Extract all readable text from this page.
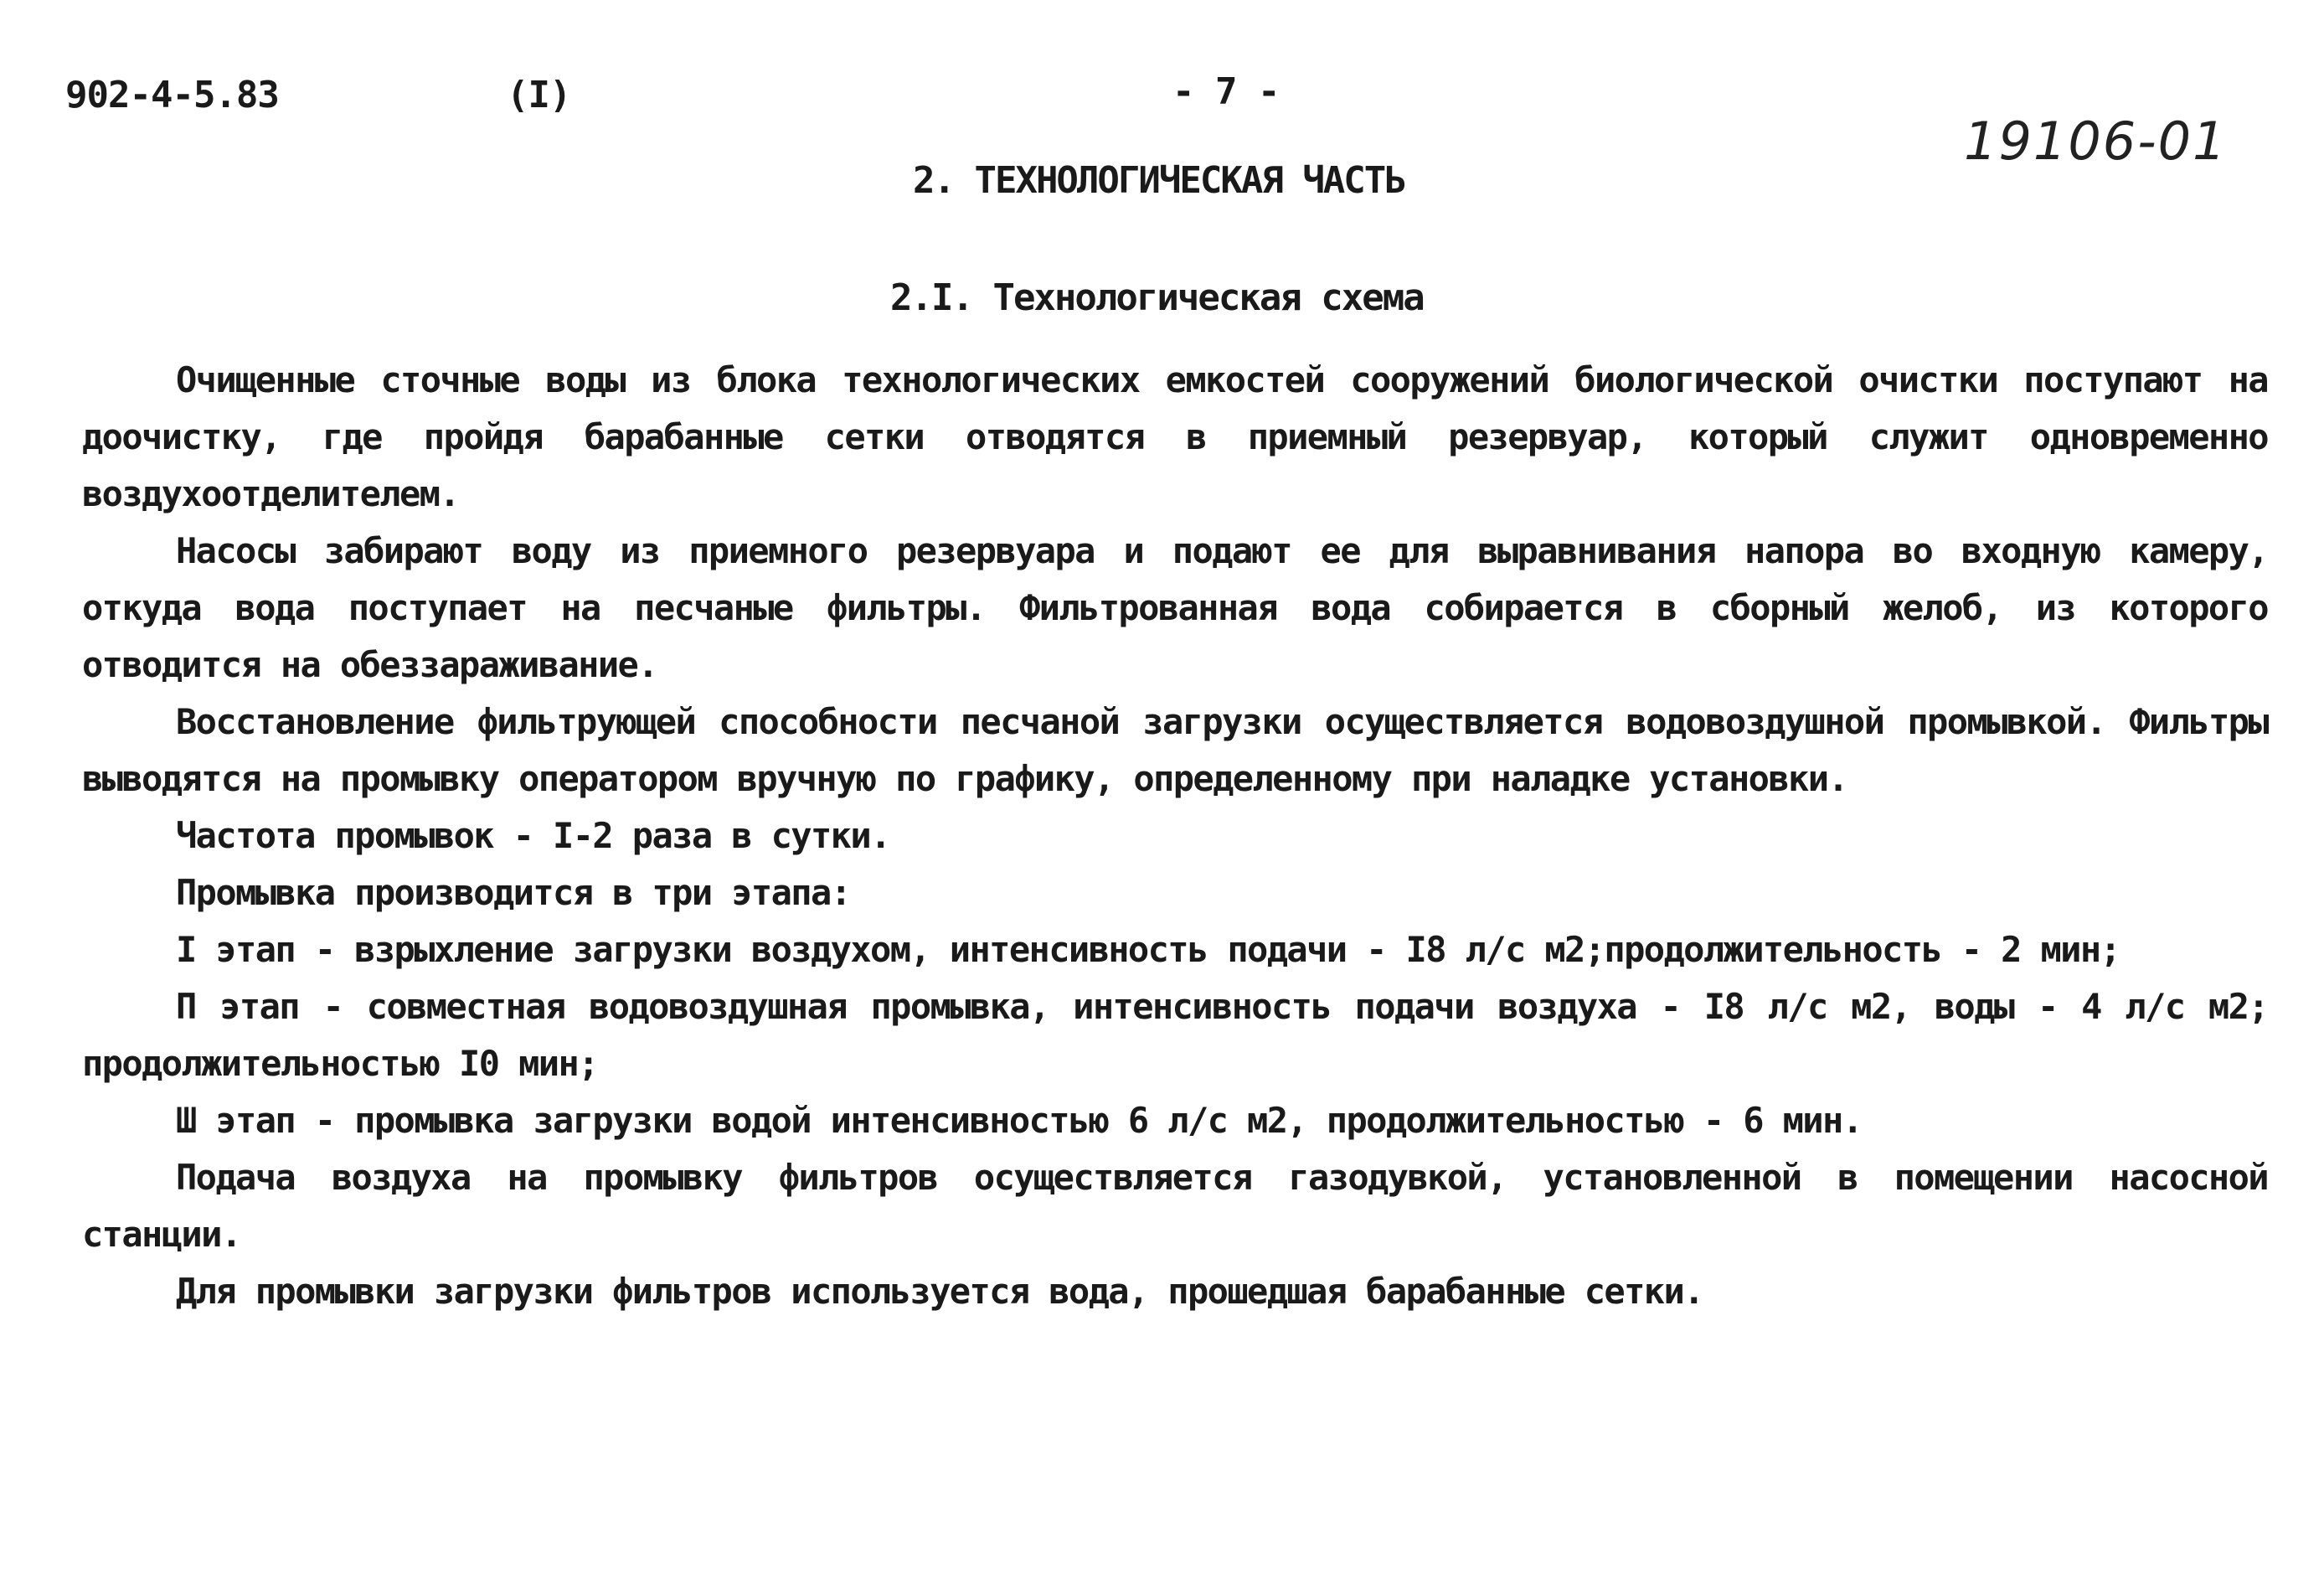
902-4-5.83	(I)	- 7 -
19106-01
2. ТЕХНОЛОГИЧЕСКАЯ ЧАСТЬ
2.I. Технологическая схема

Очищенные сточные воды из блока технологических емкостей сооружений биологической очистки поступают на доочистку, где пройдя барабанные сетки отводятся в приемный резервуар, который служит одновременно воздухоотделителем.

Насосы забирают воду из приемного резервуара и подают ее для выравнивания напора во входную камеру, откуда вода поступает на песчаные фильтры. Фильтрованная вода собирается в сборный желоб, из которого отводится на обеззараживание.

Восстановление фильтрующей способности песчаной загрузки осуществляется водовоздушной промывкой. Фильтры выводятся на промывку оператором вручную по графику, определенному при наладке установки.

Частота промывок - I-2 раза в сутки.

Промывка производится в три этапа:

I этап - взрыхление загрузки воздухом, интенсивность подачи - I8 л/с м2;продолжительность - 2 мин;

П этап - совместная водовоздушная промывка, интенсивность подачи воздуха - I8 л/с м2, воды - 4 л/с м2; продолжительностью I0 мин;

Ш этап - промывка загрузки водой интенсивностью 6 л/с м2, продолжительностью - 6 мин.

Подача воздуха на промывку фильтров осуществляется газодувкой, установленной в помещении насосной станции.

Для промывки загрузки фильтров используется вода, прошедшая барабанные сетки.
